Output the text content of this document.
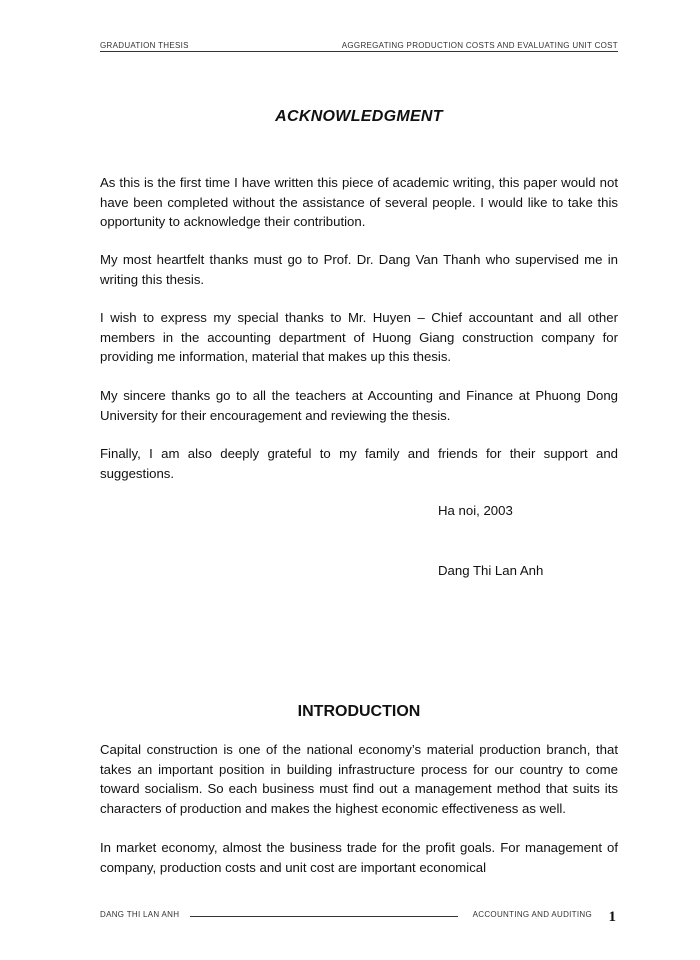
GRADUATION THESIS	AGGREGATING PRODUCTION COSTS AND EVALUATING UNIT COST
ACKNOWLEDGMENT

As this is the first time I have written this piece of academic writing, this paper would not have been completed without the assistance of several people. I would like to take this opportunity to acknowledge their contribution.

My most heartfelt thanks must go to Prof. Dr. Dang Van Thanh who supervised me in writing this thesis.

I wish to express my special thanks to Mr. Huyen – Chief accountant and all other members in the accounting department of Huong Giang construction company for providing me information, material that makes up this thesis.

My sincere thanks go to all the teachers at Accounting and Finance at Phuong Dong University for their encouragement and reviewing the thesis.

Finally, I am also deeply grateful to my family and friends for their support and suggestions.

Ha noi, 2003

Dang Thi Lan Anh

INTRODUCTION

Capital construction is one of the national economy’s material production branch, that takes an important position in building infrastructure process for our country to come toward socialism. So each business must find out a management method that suits its characters of production and makes the highest economic effectiveness as well.

In market economy, almost the business trade for the profit goals. For management of company, production costs and unit cost are important economical

DANG THI LAN ANH	ACCOUNTING AND AUDITING 1
